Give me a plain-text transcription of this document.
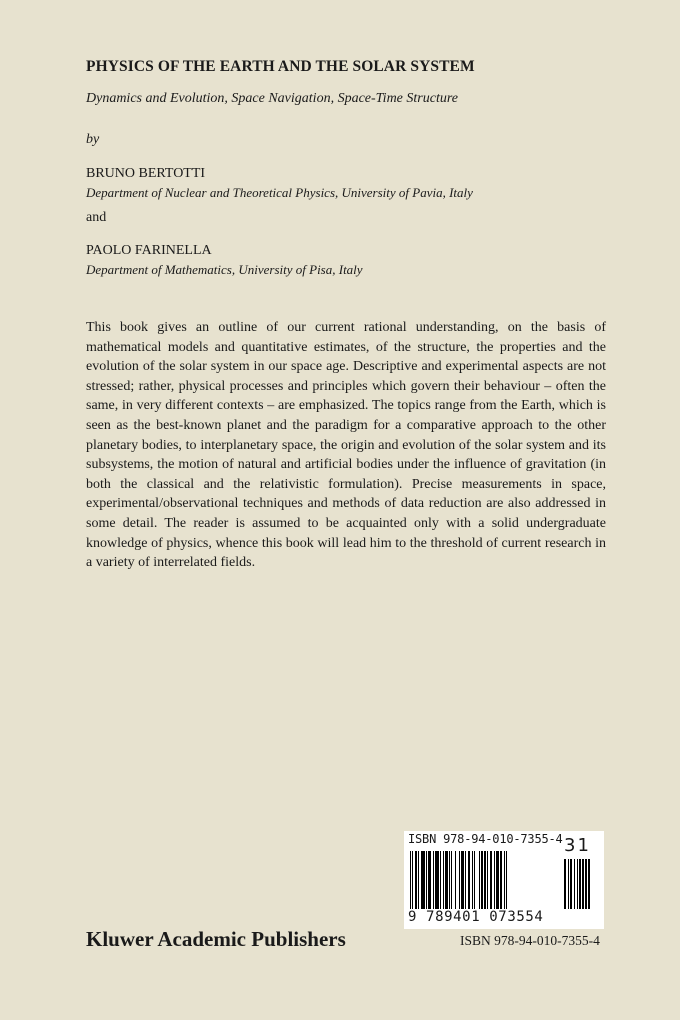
PHYSICS OF THE EARTH AND THE SOLAR SYSTEM
Dynamics and Evolution, Space Navigation, Space-Time Structure
by
BRUNO BERTOTTI
Department of Nuclear and Theoretical Physics, University of Pavia, Italy
and
PAOLO FARINELLA
Department of Mathematics, University of Pisa, Italy

This book gives an outline of our current rational understanding, on the basis of mathematical models and quantitative estimates, of the structure, the properties and the evolution of the solar system in our space age. Descriptive and experimental aspects are not stressed; rather, physical processes and principles which govern their behaviour – often the same, in very different contexts – are emphasized. The topics range from the Earth, which is seen as the best-known planet and the paradigm for a comparative approach to the other planetary bodies, to interplanetary space, the origin and evolution of the solar system and its subsystems, the motion of natural and artificial bodies under the influence of gravitation (in both the classical and the relativistic formulation). Precise measurements in space, experimental/observational techniques and methods of data reduction are also addressed in some detail. The reader is assumed to be acquainted only with a solid undergraduate knowledge of physics, whence this book will lead him to the threshold of current research in a variety of interrelated fields.

ISBN 978-94-010-7355-4
9 789401 073554
31
Kluwer Academic Publishers	ISBN 978-94-010-7355-4
